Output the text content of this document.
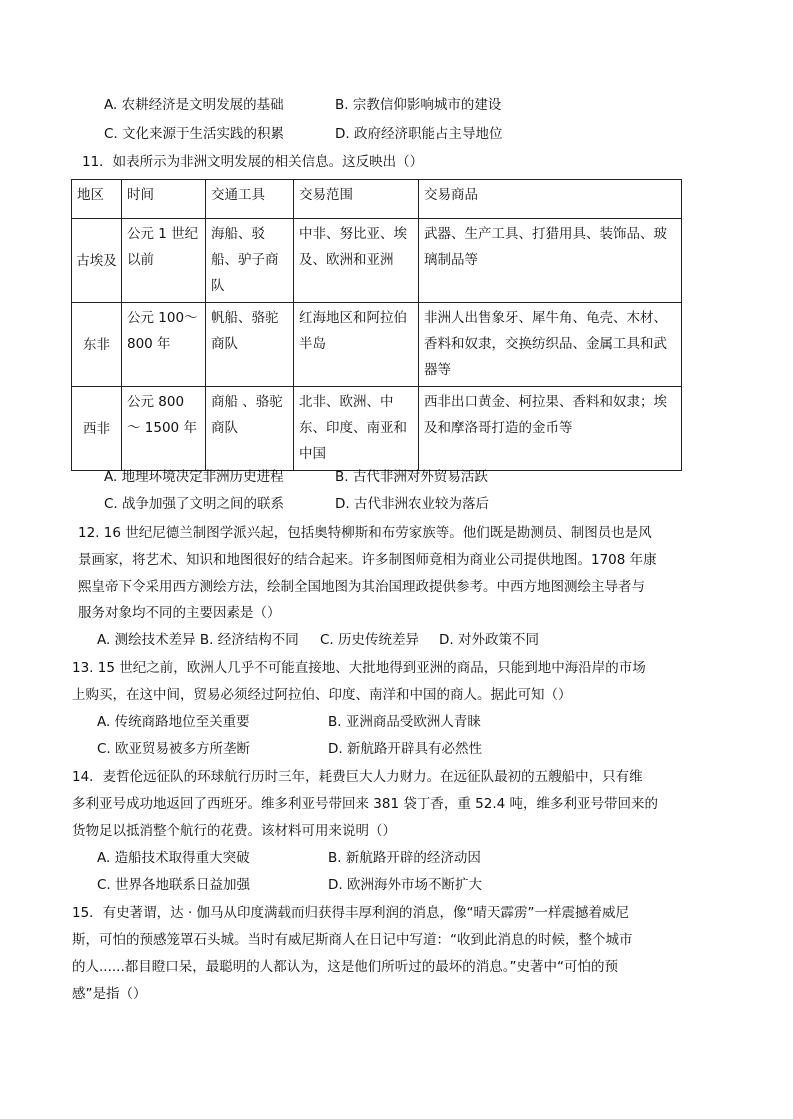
A. 农耕经济是文明发展的基础	B. 宗教信仰影响城市的建设
C. 文化来源于生活实践的积累	D. 政府经济职能占主导地位
11．如表所示为非洲文明发展的相关信息。这反映出（）
地区	时间	交通工具	交易范围	交易商品
古埃及	公元 1 世纪以前	海船、驳船、驴子商队	中非、努比亚、埃及、欧洲和亚洲	武器、生产工具、打猎用具、装饰品、玻璃制品等
东非	公元 100～800 年	帆船、骆驼商队	红海地区和阿拉伯半岛	非洲人出售象牙、犀牛角、龟壳、木材、香料和奴隶，交换纺织品、金属工具和武器等
西非	公元 800 ～ 1500 年	商船 、骆驼商队	北非、欧洲、中东、印度、南亚和中国	西非出口黄金、柯拉果、香料和奴隶；埃及和摩洛哥打造的金币等
A. 地理环境决定非洲历史进程	B. 古代非洲对外贸易活跃
C. 战争加强了文明之间的联系	D. 古代非洲农业较为落后
12. 16 世纪尼德兰制图学派兴起，包括奥特柳斯和布劳家族等。他们既是勘测员、制图员也是风
景画家，将艺术、知识和地图很好的结合起来。许多制图师竟相为商业公司提供地图。1708 年康
熙皇帝下令采用西方测绘方法，绘制全国地图为其治国理政提供参考。中西方地图测绘主导者与
服务对象均不同的主要因素是（）
A. 测绘技术差异 B. 经济结构不同 C. 历史传统差异 D. 对外政策不同
13. 15 世纪之前，欧洲人几乎不可能直接地、大批地得到亚洲的商品，只能到地中海沿岸的市场
上购买，在这中间，贸易必须经过阿拉伯、印度、南洋和中国的商人。据此可知（）
A. 传统商路地位至关重要	B. 亚洲商品受欧洲人青睐
C. 欧亚贸易被多方所垄断	D. 新航路开辟具有必然性
14．麦哲伦远征队的环球航行历时三年，耗费巨大人力财力。在远征队最初的五艘船中，只有维
多利亚号成功地返回了西班牙。维多利亚号带回来 381 袋丁香，重 52.4 吨，维多利亚号带回来的
货物足以抵消整个航行的花费。该材料可用来说明（）
A. 造船技术取得重大突破	B. 新航路开辟的经济动因
C. 世界各地联系日益加强	D. 欧洲海外市场不断扩大
15．有史著谓，达 · 伽马从印度满载而归获得丰厚利润的消息，像“晴天霹雳”一样震撼着威尼
斯，可怕的预感笼罩石头城。当时有威尼斯商人在日记中写道：“收到此消息的时候，整个城市
的人......都目瞪口呆，最聪明的人都认为，这是他们所听过的最坏的消息。”史著中“可怕的预
感”是指（）
